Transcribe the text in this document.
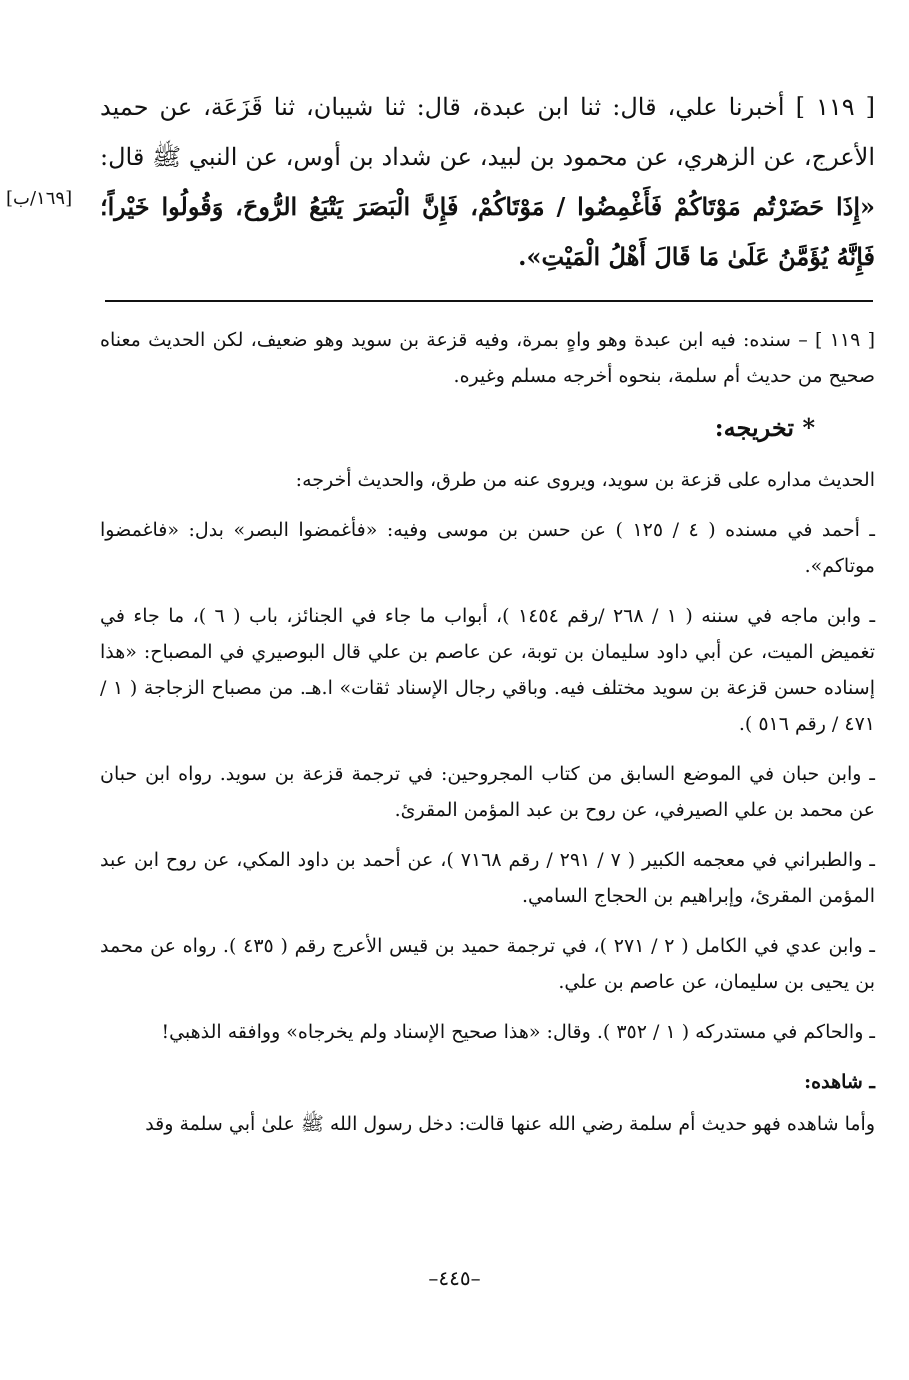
[ ١١٩ ] أخبرنا علي، قال: ثنا ابن عبدة، قال: ثنا شيبان، ثنا قَزَعَة، عن حميد الأعرج، عن الزهري، عن محمود بن لبيد، عن شداد بن أوس، عن النبي ﷺ قال: «إِذَا حَضَرْتُم مَوْتَاكُمْ فَأَغْمِضُوا / مَوْتَاكُمْ، فَإِنَّ الْبَصَرَ يَتْبَعُ الرُّوحَ، وَقُولُوا خَيْراً؛ فَإِنَّهُ يُؤَمَّنُ عَلَىٰ مَا قَالَ أَهْلُ الْمَيْتِ».

[١٦٩/ب]

[ ١١٩ ] – سنده: فيه ابن عبدة وهو واهٍ بمرة، وفيه قزعة بن سويد وهو ضعيف، لكن الحديث معناه صحيح من حديث أم سلمة، بنحوه أخرجه مسلم وغيره.

* تخريجه:

الحديث مداره على قزعة بن سويد، ويروى عنه من طرق، والحديث أخرجه:

ـ أحمد في مسنده ( ٤ / ١٢٥ ) عن حسن بن موسى وفيه: «فأغمضوا البصر» بدل: «فاغمضوا موتاكم».

ـ وابن ماجه في سننه ( ١ / ٢٦٨ /رقم ١٤٥٤ )، أبواب ما جاء في الجنائز، باب ( ٦ )، ما جاء في تغميض الميت، عن أبي داود سليمان بن توبة، عن عاصم بن علي قال البوصيري في المصباح: «هذا إسناده حسن قزعة بن سويد مختلف فيه. وباقي رجال الإسناد ثقات» ا.هـ. من مصباح الزجاجة ( ١ / ٤٧١ / رقم ٥١٦ ).

ـ وابن حبان في الموضع السابق من كتاب المجروحين: في ترجمة قزعة بن سويد. رواه ابن حبان عن محمد بن علي الصيرفي، عن روح بن عبد المؤمن المقرئ.

ـ والطبراني في معجمه الكبير ( ٧ / ٢٩١ / رقم ٧١٦٨ )، عن أحمد بن داود المكي، عن روح ابن عبد المؤمن المقرئ، وإبراهيم بن الحجاج السامي.

ـ وابن عدي في الكامل ( ٢ / ٢٧١ )، في ترجمة حميد بن قيس الأعرج رقم ( ٤٣٥ ). رواه عن محمد بن يحيى بن سليمان، عن عاصم بن علي.

ـ والحاكم في مستدركه ( ١ / ٣٥٢ ). وقال: «هذا صحيح الإسناد ولم يخرجاه» ووافقه الذهبي!

ـ شاهده:

وأما شاهده فهو حديث أم سلمة رضي الله عنها قالت: دخل رسول الله ﷺ علىٰ أبي سلمة وقد

–٤٤٥–
